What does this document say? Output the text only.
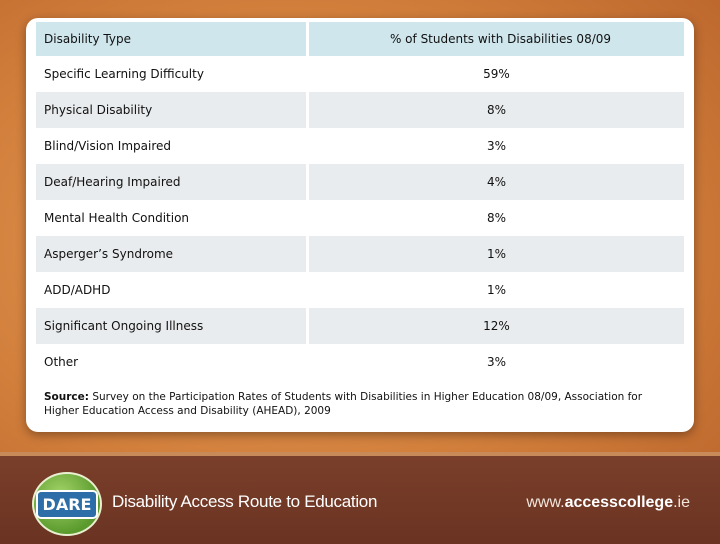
Disability Type	% of Students with Disabilities 08/09
Specific Learning Difficulty	59%
Physical Disability	8%
Blind/Vision Impaired	3%
Deaf/Hearing Impaired	4%
Mental Health Condition	8%
Asperger’s Syndrome	1%
ADD/ADHD	1%
Significant Ongoing Illness	12%
Other	3%
Source: Survey on the Participation Rates of Students with Disabilities in Higher Education 08/09, Association for Higher Education Access and Disability (AHEAD), 2009
DARE	Disability Access Route to Education	www.accesscollege.ie
